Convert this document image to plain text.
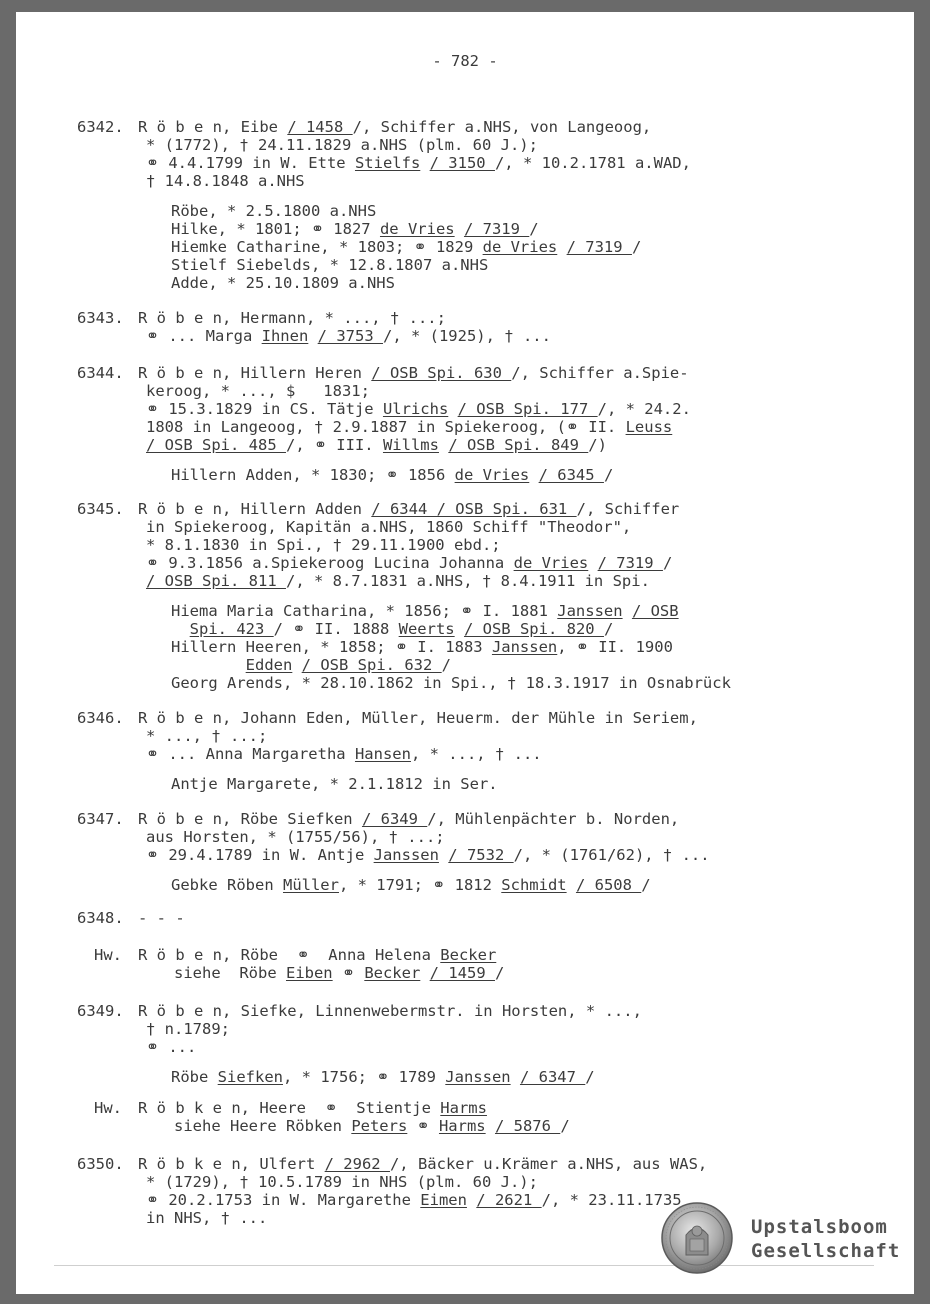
- 782 -
6342. R ö b e n, Eibe / 1458 /, Schiffer a.NHS, von Langeoog,
* (1772), † 24.11.1829 a.NHS (plm. 60 J.);
⚭ 4.4.1799 in W. Ette Stielfs / 3150 /, * 10.2.1781 a.WAD,
† 14.8.1848 a.NHS
Röbe, * 2.5.1800 a.NHS
Hilke, * 1801; ⚭ 1827 de Vries / 7319 /
Hiemke Catharine, * 1803; ⚭ 1829 de Vries / 7319 /
Stielf Siebelds, * 12.8.1807 a.NHS
Adde, * 25.10.1809 a.NHS
6343. R ö b e n, Hermann, * ..., † ...;
⚭ ... Marga Ihnen / 3753 /, * (1925), † ...
6344. R ö b e n, Hillern Heren / OSB Spi. 630 /, Schiffer a.Spie-
keroog, * ..., $   1831;
⚭ 15.3.1829 in CS. Tätje Ulrichs / OSB Spi. 177 /, * 24.2.
1808 in Langeoog, † 2.9.1887 in Spiekeroog, (⚭ II. Leuss
/ OSB Spi. 485 /, ⚭ III. Willms / OSB Spi. 849 /)
Hillern Adden, * 1830; ⚭ 1856 de Vries / 6345 /
6345. R ö b e n, Hillern Adden / 6344 / OSB Spi. 631 /, Schiffer
in Spiekeroog, Kapitän a.NHS, 1860 Schiff "Theodor",
* 8.1.1830 in Spi., † 29.11.1900 ebd.;
⚭ 9.3.1856 a.Spiekeroog Lucina Johanna de Vries / 7319 /
/ OSB Spi. 811 /, * 8.7.1831 a.NHS, † 8.4.1911 in Spi.
Hiema Maria Catharina, * 1856; ⚭ I. 1881 Janssen / OSB
Spi. 423 / ⚭ II. 1888 Weerts / OSB Spi. 820 /
Hillern Heeren, * 1858; ⚭ I. 1883 Janssen, ⚭ II. 1900
Edden / OSB Spi. 632 /
Georg Arends, * 28.10.1862 in Spi., † 18.3.1917 in Osnabrück
6346. R ö b e n, Johann Eden, Müller, Heuerm. der Mühle in Seriem,
* ..., † ...;
⚭ ... Anna Margaretha Hansen, * ..., † ...
Antje Margarete, * 2.1.1812 in Ser.
6347. R ö b e n, Röbe Siefken / 6349 /, Mühlenpächter b. Norden,
aus Horsten, * (1755/56), † ...;
⚭ 29.4.1789 in W. Antje Janssen / 7532 /, * (1761/62), † ...
Gebke Röben Müller, * 1791; ⚭ 1812 Schmidt / 6508 /
6348. - - -
Hw. R ö b e n, Röbe  ⚭  Anna Helena Becker
siehe  Röbe Eiben ⚭ Becker / 1459 /
6349. R ö b e n, Siefke, Linnenwebermstr. in Horsten, * ...,
† n.1789;
⚭ ...
Röbe Siefken, * 1756; ⚭ 1789 Janssen / 6347 /
Hw. R ö b k e n, Heere  ⚭  Stientje Harms
siehe Heere Röbken Peters ⚭ Harms / 5876 /
6350. R ö b k e n, Ulfert / 2962 /, Bäcker u.Krämer a.NHS, aus WAS,
* (1729), † 10.5.1789 in NHS (plm. 60 J.);
⚭ 20.2.1753 in W. Margarethe Eimen / 2621 /, * 23.11.1735
in NHS, † ...	Upstalsboom
Gesellschaft
